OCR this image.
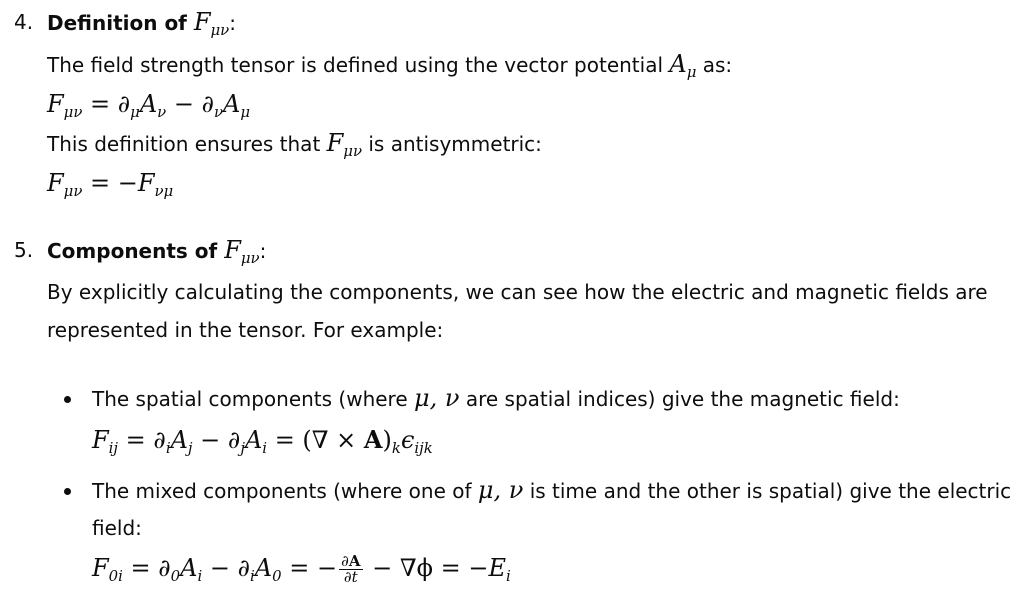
4. Definition of $F_{\mu\nu}$:
The field strength tensor is defined using the vector potential $A_\mu$ as:
$F_{\mu\nu} = \partial_\mu A_\nu - \partial_\nu A_\mu$
This definition ensures that $F_{\mu\nu}$ is antisymmetric:
$F_{\mu\nu} = -F_{\nu\mu}$
5. Components of $F_{\mu\nu}$:
By explicitly calculating the components, we can see how the electric and magnetic fields are
represented in the tensor. For example:
The spatial components (where μ, ν are spatial indices) give the magnetic field:
$F_{ij} = \partial_iA_j - \partial_jA_i$ = (∇ × $A)_k\epsilon_{ijk}$
The mixed components (where one of μ, ν is time and the other is spatial) give the electric
field:
$F_{0i} = \partial_0A_i - \partial_iA_0$ = − $\frac{\partial A}{\partial t} - \nabla\phi = -E_i$
